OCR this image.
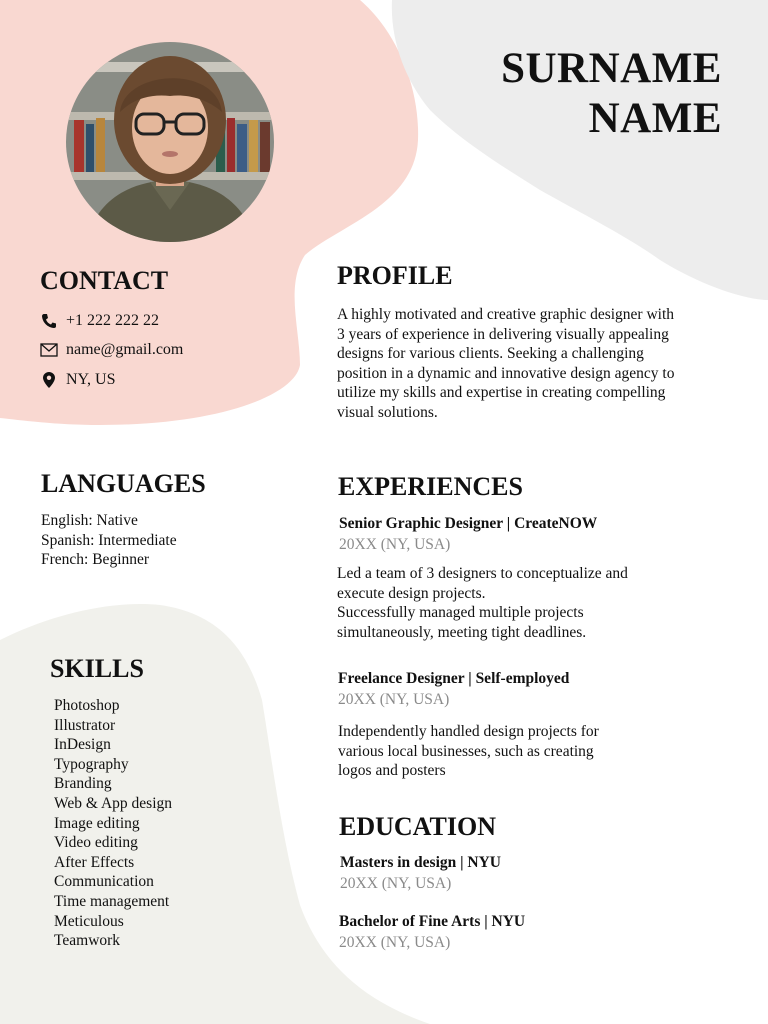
SURNAME
NAME
CONTACT
+1 222 222 22
name@gmail.com
NY, US
PROFILE
A highly motivated and creative graphic designer with
3 years of experience in delivering visually appealing
designs for various clients. Seeking a challenging
position in a dynamic and innovative design agency to
utilize my skills and expertise in creating compelling
visual solutions.
LANGUAGES
English: Native
Spanish: Intermediate
French: Beginner
EXPERIENCES
Senior Graphic Designer | CreateNOW
20XX (NY, USA)
Led a team of 3 designers to conceptualize and
execute design projects.
Successfully managed multiple projects
simultaneously, meeting tight deadlines.
Freelance Designer | Self-employed
20XX (NY, USA)
Independently handled design projects for
various local businesses, such as creating
logos and posters
SKILLS
Photoshop
Illustrator
InDesign
Typography
Branding
Web & App design
Image editing
Video editing
After Effects
Communication
Time management
Meticulous
Teamwork
EDUCATION
Masters in design | NYU
20XX (NY, USA)
Bachelor of Fine Arts | NYU
20XX (NY, USA)
